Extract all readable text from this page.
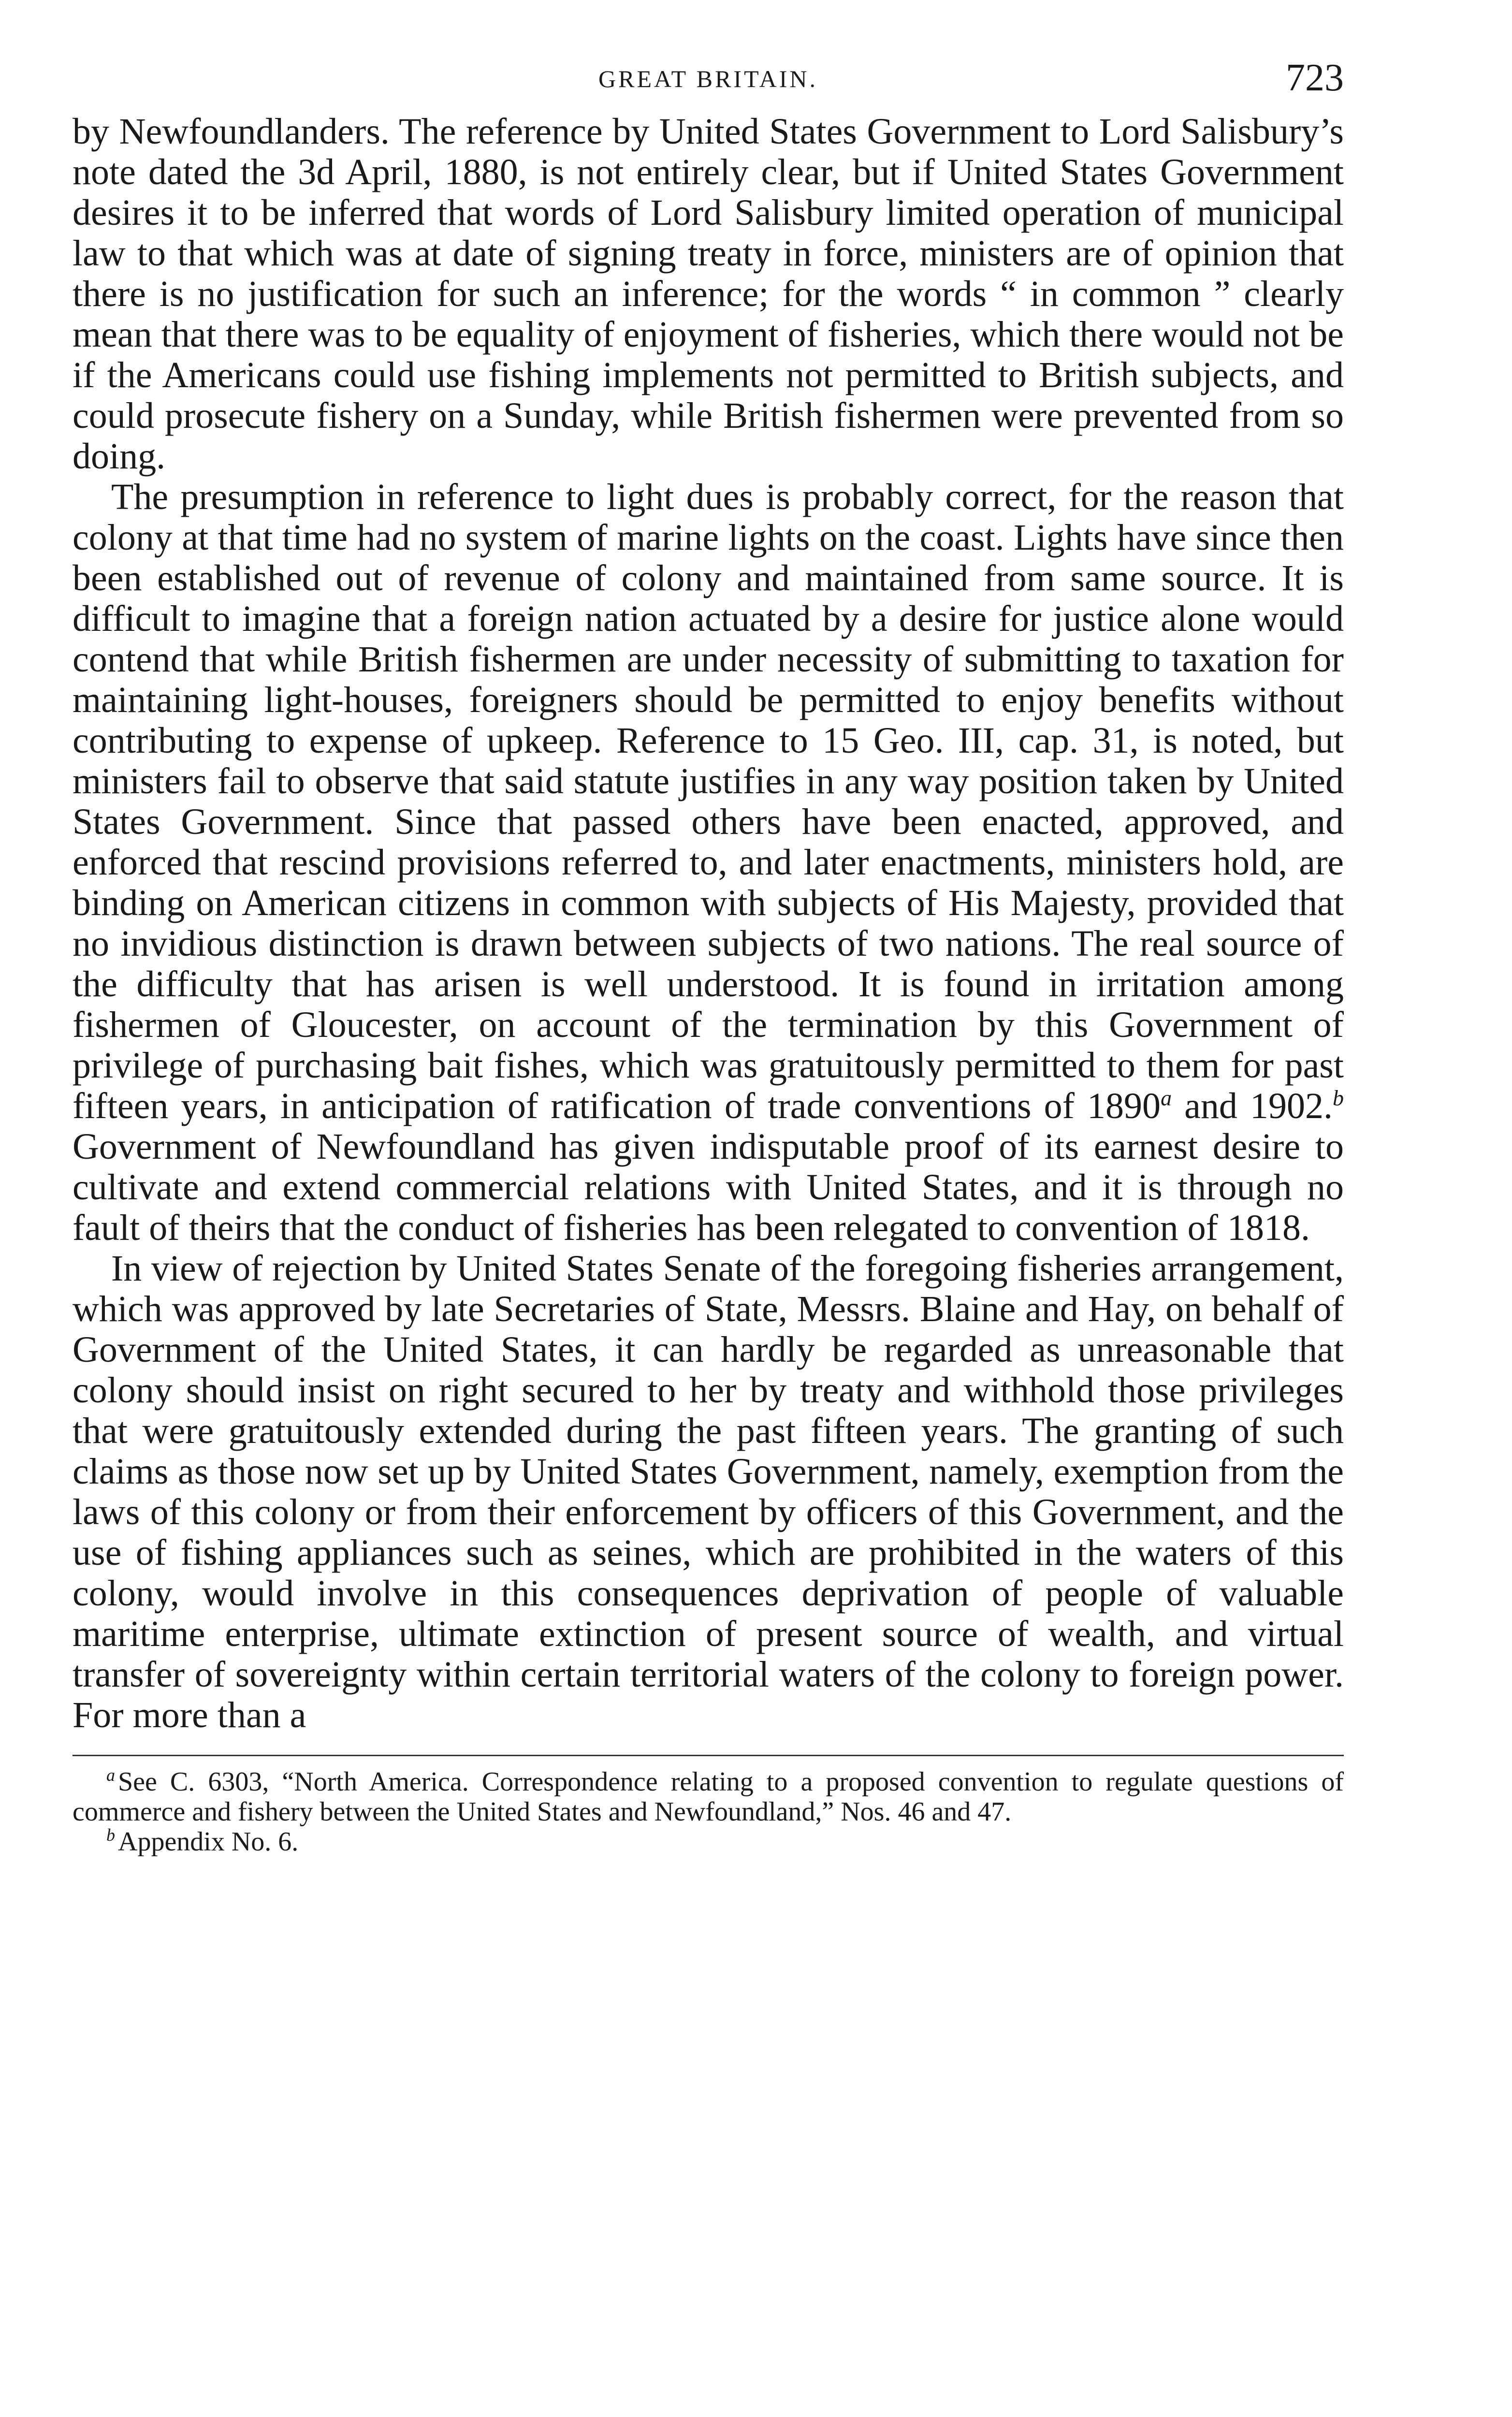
GREAT BRITAIN.	723

by Newfoundlanders. The reference by United States Government to Lord Salisbury’s note dated the 3d April, 1880, is not entirely clear, but if United States Government desires it to be inferred that words of Lord Salisbury limited operation of municipal law to that which was at date of signing treaty in force, ministers are of opinion that there is no justification for such an inference; for the words “ in common ” clearly mean that there was to be equality of enjoyment of fisheries, which there would not be if the Americans could use fishing implements not permitted to British subjects, and could prosecute fishery on a Sunday, while British fishermen were prevented from so doing.

The presumption in reference to light dues is probably correct, for the reason that colony at that time had no system of marine lights on the coast. Lights have since then been established out of revenue of colony and maintained from same source. It is difficult to imagine that a foreign nation actuated by a desire for justice alone would contend that while British fishermen are under necessity of submitting to taxation for maintaining light-houses, foreigners should be permitted to enjoy benefits without contributing to expense of upkeep. Reference to 15 Geo. III, cap. 31, is noted, but ministers fail to observe that said statute justifies in any way position taken by United States Government. Since that passed others have been enacted, approved, and enforced that rescind provisions referred to, and later enactments, ministers hold, are binding on American citizens in common with subjects of His Majesty, provided that no invidious distinction is drawn between subjects of two nations. The real source of the difficulty that has arisen is well understood. It is found in irritation among fishermen of Gloucester, on account of the termination by this Government of privilege of purchasing bait fishes, which was gratuitously permitted to them for past fifteen years, in anticipation of ratification of trade conventions of 1890$^a$ and 1902.$^b$ Government of Newfoundland has given indisputable proof of its earnest desire to cultivate and extend commercial relations with United States, and it is through no fault of theirs that the conduct of fisheries has been relegated to convention of 1818.

In view of rejection by United States Senate of the foregoing fisheries arrangement, which was approved by late Secretaries of State, Messrs. Blaine and Hay, on behalf of Government of the United States, it can hardly be regarded as unreasonable that colony should insist on right secured to her by treaty and withhold those privileges that were gratuitously extended during the past fifteen years. The granting of such claims as those now set up by United States Government, namely, exemption from the laws of this colony or from their enforcement by officers of this Government, and the use of fishing appliances such as seines, which are prohibited in the waters of this colony, would involve in this consequences deprivation of people of valuable maritime enterprise, ultimate extinction of present source of wealth, and virtual transfer of sovereignty within certain territorial waters of the colony to foreign power. For more than a

$^a$ See C. 6303, “North America. Correspondence relating to a proposed convention to regulate questions of commerce and fishery between the United States and Newfoundland,” Nos. 46 and 47.

$^b$ Appendix No. 6.
